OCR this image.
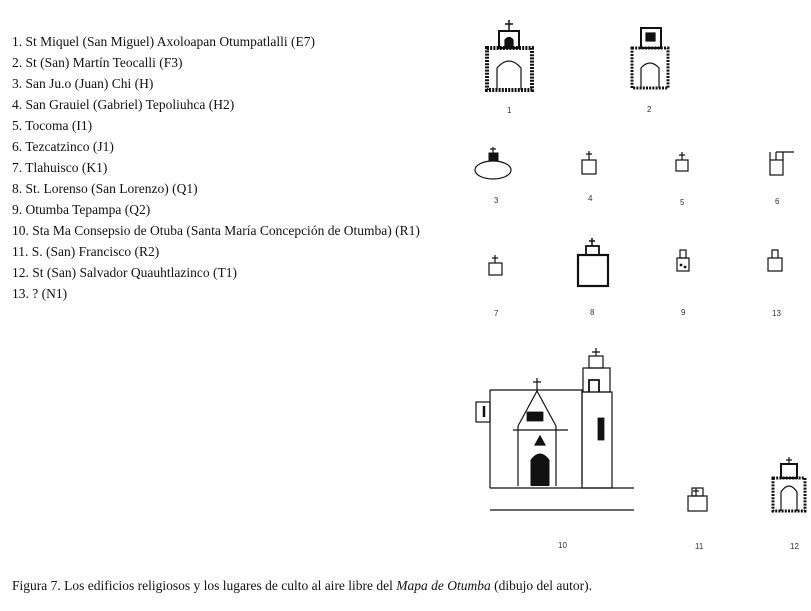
1. St Miquel (San Miguel) Axoloapan Otumpatlalli (E7)
2. St (San) Martín Teocalli (F3)
3. San Ju.o (Juan) Chi (H)
4. San Grauiel (Gabriel) Tepoliuhca (H2)
5. Tocoma (I1)
6. Tezcatzinco (J1)
7. Tlahuisco (K1)
8. St. Lorenso (San Lorenzo) (Q1)
9. Otumba Tepampa (Q2)
10. Sta Ma Consepsio de Otuba (Santa María Concepción de Otumba) (R1)
11. S. (San) Francisco (R2)
12. St (San) Salvador Quauhtlazinco (T1)
13. ? (N1)
1	2
3	4	5	6
7	8	9	13
10	11	12
Figura 7. Los edificios religiosos y los lugares de culto al aire libre del Mapa de Otumba (dibujo del autor).
